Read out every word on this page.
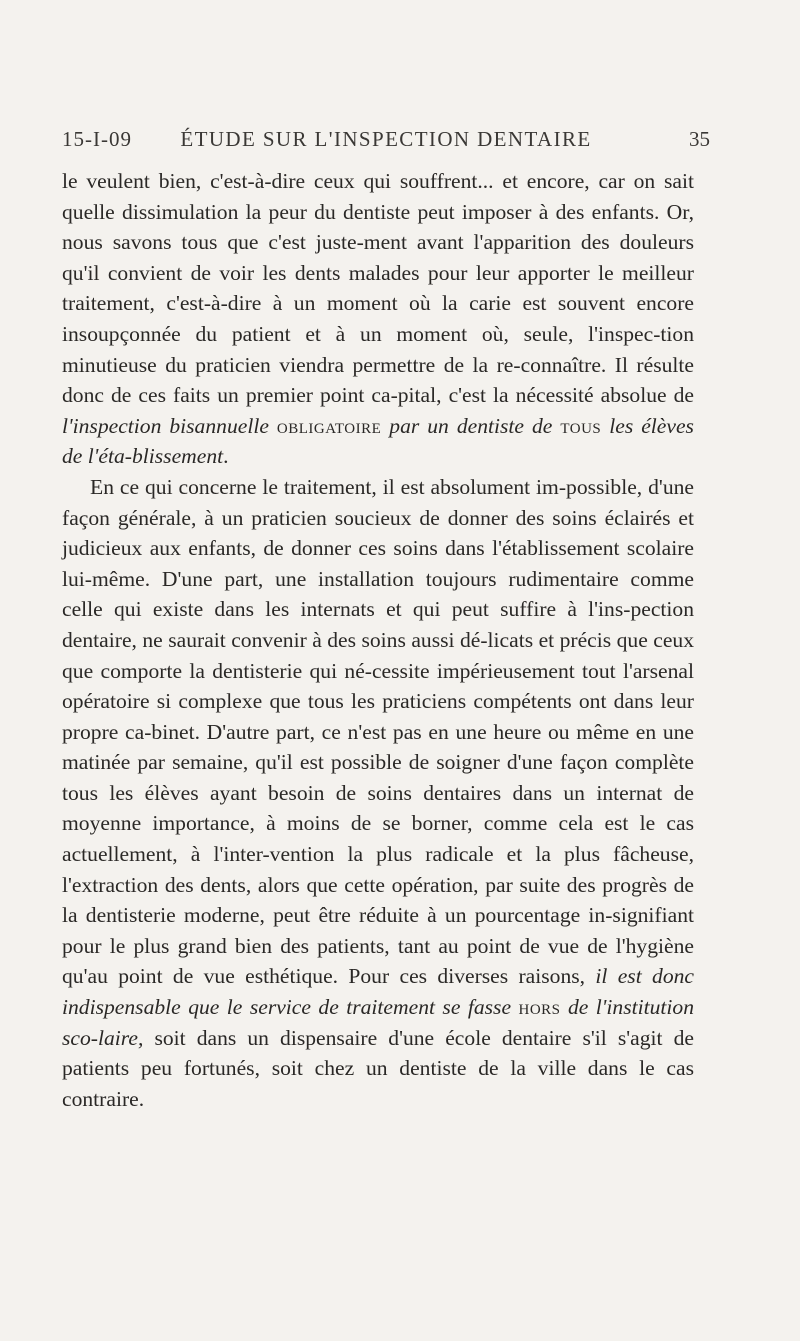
15-I-09	ÉTUDE SUR L'INSPECTION DENTAIRE	35

le veulent bien, c'est-à-dire ceux qui souffrent... et encore, car on sait quelle dissimulation la peur du dentiste peut imposer à des enfants. Or, nous savons tous que c'est juste-ment avant l'apparition des douleurs qu'il convient de voir les dents malades pour leur apporter le meilleur traitement, c'est-à-dire à un moment où la carie est souvent encore insoupçonnée du patient et à un moment où, seule, l'inspec-tion minutieuse du praticien viendra permettre de la re-connaître. Il résulte donc de ces faits un premier point ca-pital, c'est la nécessité absolue de l'inspection bisannuelle obligatoire par un dentiste de tous les élèves de l'éta-blissement.

En ce qui concerne le traitement, il est absolument im-possible, d'une façon générale, à un praticien soucieux de donner des soins éclairés et judicieux aux enfants, de donner ces soins dans l'établissement scolaire lui-même. D'une part, une installation toujours rudimentaire comme celle qui existe dans les internats et qui peut suffire à l'ins-pection dentaire, ne saurait convenir à des soins aussi dé-licats et précis que ceux que comporte la dentisterie qui né-cessite impérieusement tout l'arsenal opératoire si complexe que tous les praticiens compétents ont dans leur propre ca-binet. D'autre part, ce n'est pas en une heure ou même en une matinée par semaine, qu'il est possible de soigner d'une façon complète tous les élèves ayant besoin de soins dentaires dans un internat de moyenne importance, à moins de se borner, comme cela est le cas actuellement, à l'inter-vention la plus radicale et la plus fâcheuse, l'extraction des dents, alors que cette opération, par suite des progrès de la dentisterie moderne, peut être réduite à un pourcentage in-signifiant pour le plus grand bien des patients, tant au point de vue de l'hygiène qu'au point de vue esthétique. Pour ces diverses raisons, il est donc indispensable que le service de traitement se fasse hors de l'institution sco-laire, soit dans un dispensaire d'une école dentaire s'il s'agit de patients peu fortunés, soit chez un dentiste de la ville dans le cas contraire.
